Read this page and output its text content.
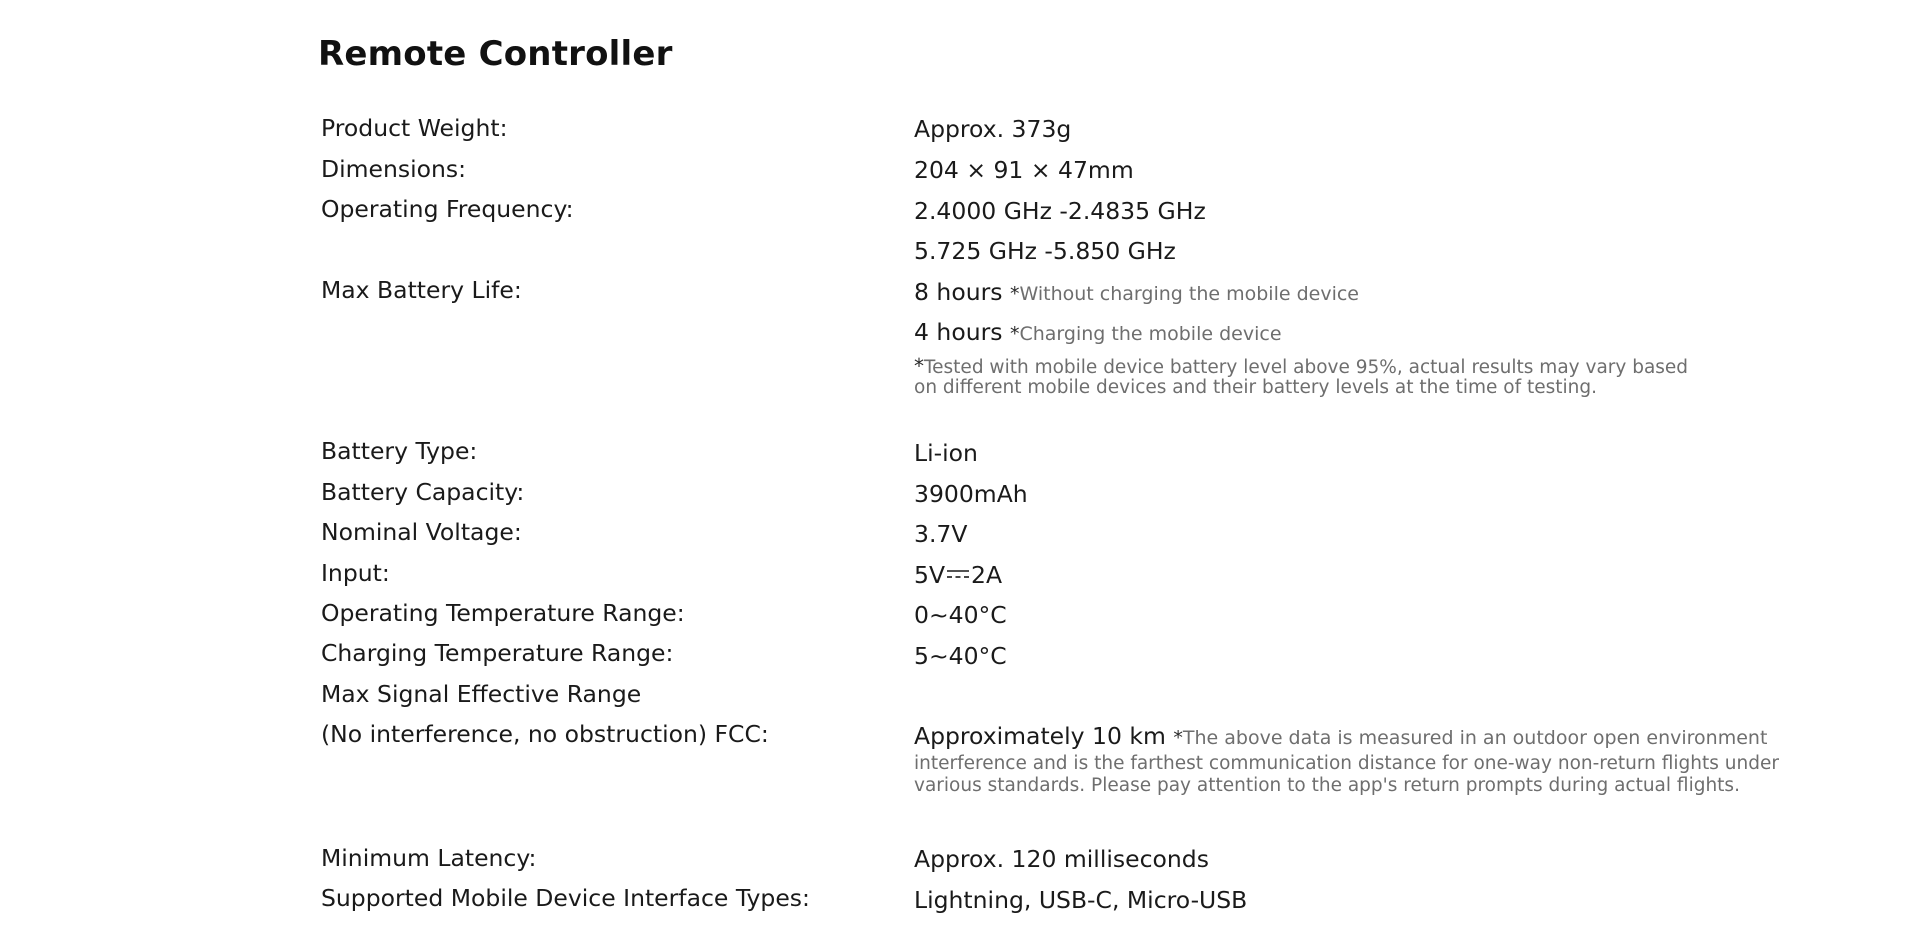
Remote Controller
Product Weight:	Approx. 373g
Dimensions:	204 × 91 × 47mm
Operating Frequency:	2.4000 GHz -2.4835 GHz
5.725 GHz -5.850 GHz
Max Battery Life:	8 hours *Without charging the mobile device
4 hours *Charging the mobile device
*Tested with mobile device battery level above 95%, actual results may vary based
on different mobile devices and their battery levels at the time of testing.
Battery Type:	Li-ion
Battery Capacity:	3900mAh
Nominal Voltage:	3.7V
Input:	5V 2A
Operating Temperature Range:	0~40°C
Charging Temperature Range:	5~40°C
Max Signal Effective Range
(No interference, no obstruction) FCC:	Approximately 10 km *The above data is measured in an outdoor open environment
interference and is the farthest communication distance for one-way non-return flights under
various standards. Please pay attention to the app's return prompts during actual flights.
Minimum Latency:	Approx. 120 milliseconds
Supported Mobile Device Interface Types:	Lightning, USB-C, Micro-USB
